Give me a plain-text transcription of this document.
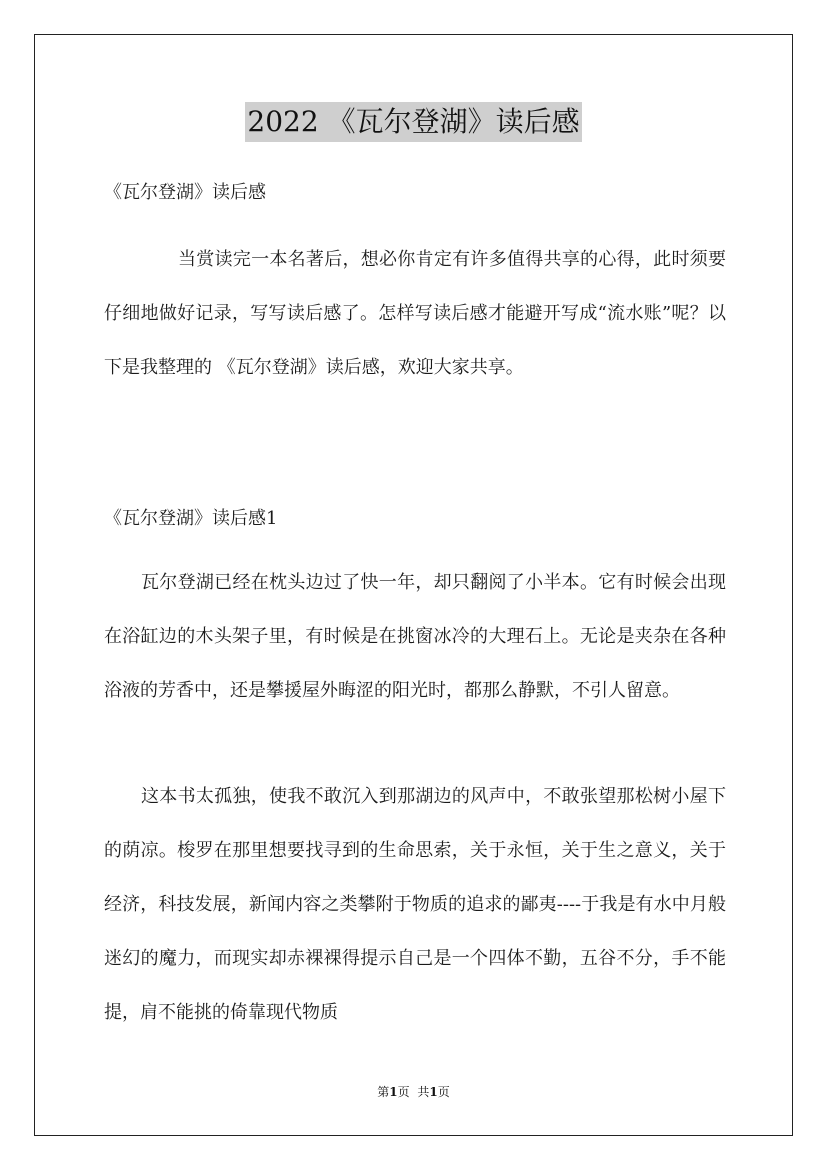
2022 《瓦尔登湖》读后感

《瓦尔登湖》读后感

当赏读完一本名著后，想必你肯定有许多值得共享的心得，此时须要仔细地做好记录，写写读后感了。怎样写读后感才能避开写成“流水账”呢？以下是我整理的 《瓦尔登湖》读后感，欢迎大家共享。

《瓦尔登湖》读后感1

瓦尔登湖已经在枕头边过了快一年，却只翻阅了小半本。它有时候会出现在浴缸边的木头架子里，有时候是在挑窗冰冷的大理石上。无论是夹杂在各种浴液的芳香中，还是攀援屋外晦涩的阳光时，都那么静默，不引人留意。

这本书太孤独，使我不敢沉入到那湖边的风声中，不敢张望那松树小屋下的荫凉。梭罗在那里想要找寻到的生命思索，关于永恒，关于生之意义，关于经济，科技发展，新闻内容之类攀附于物质的追求的鄙夷----于我是有水中月般迷幻的魔力，而现实却赤裸裸得提示自己是一个四体不勤，五谷不分，手不能提，肩不能挑的倚靠现代物质

第1页 共1页
